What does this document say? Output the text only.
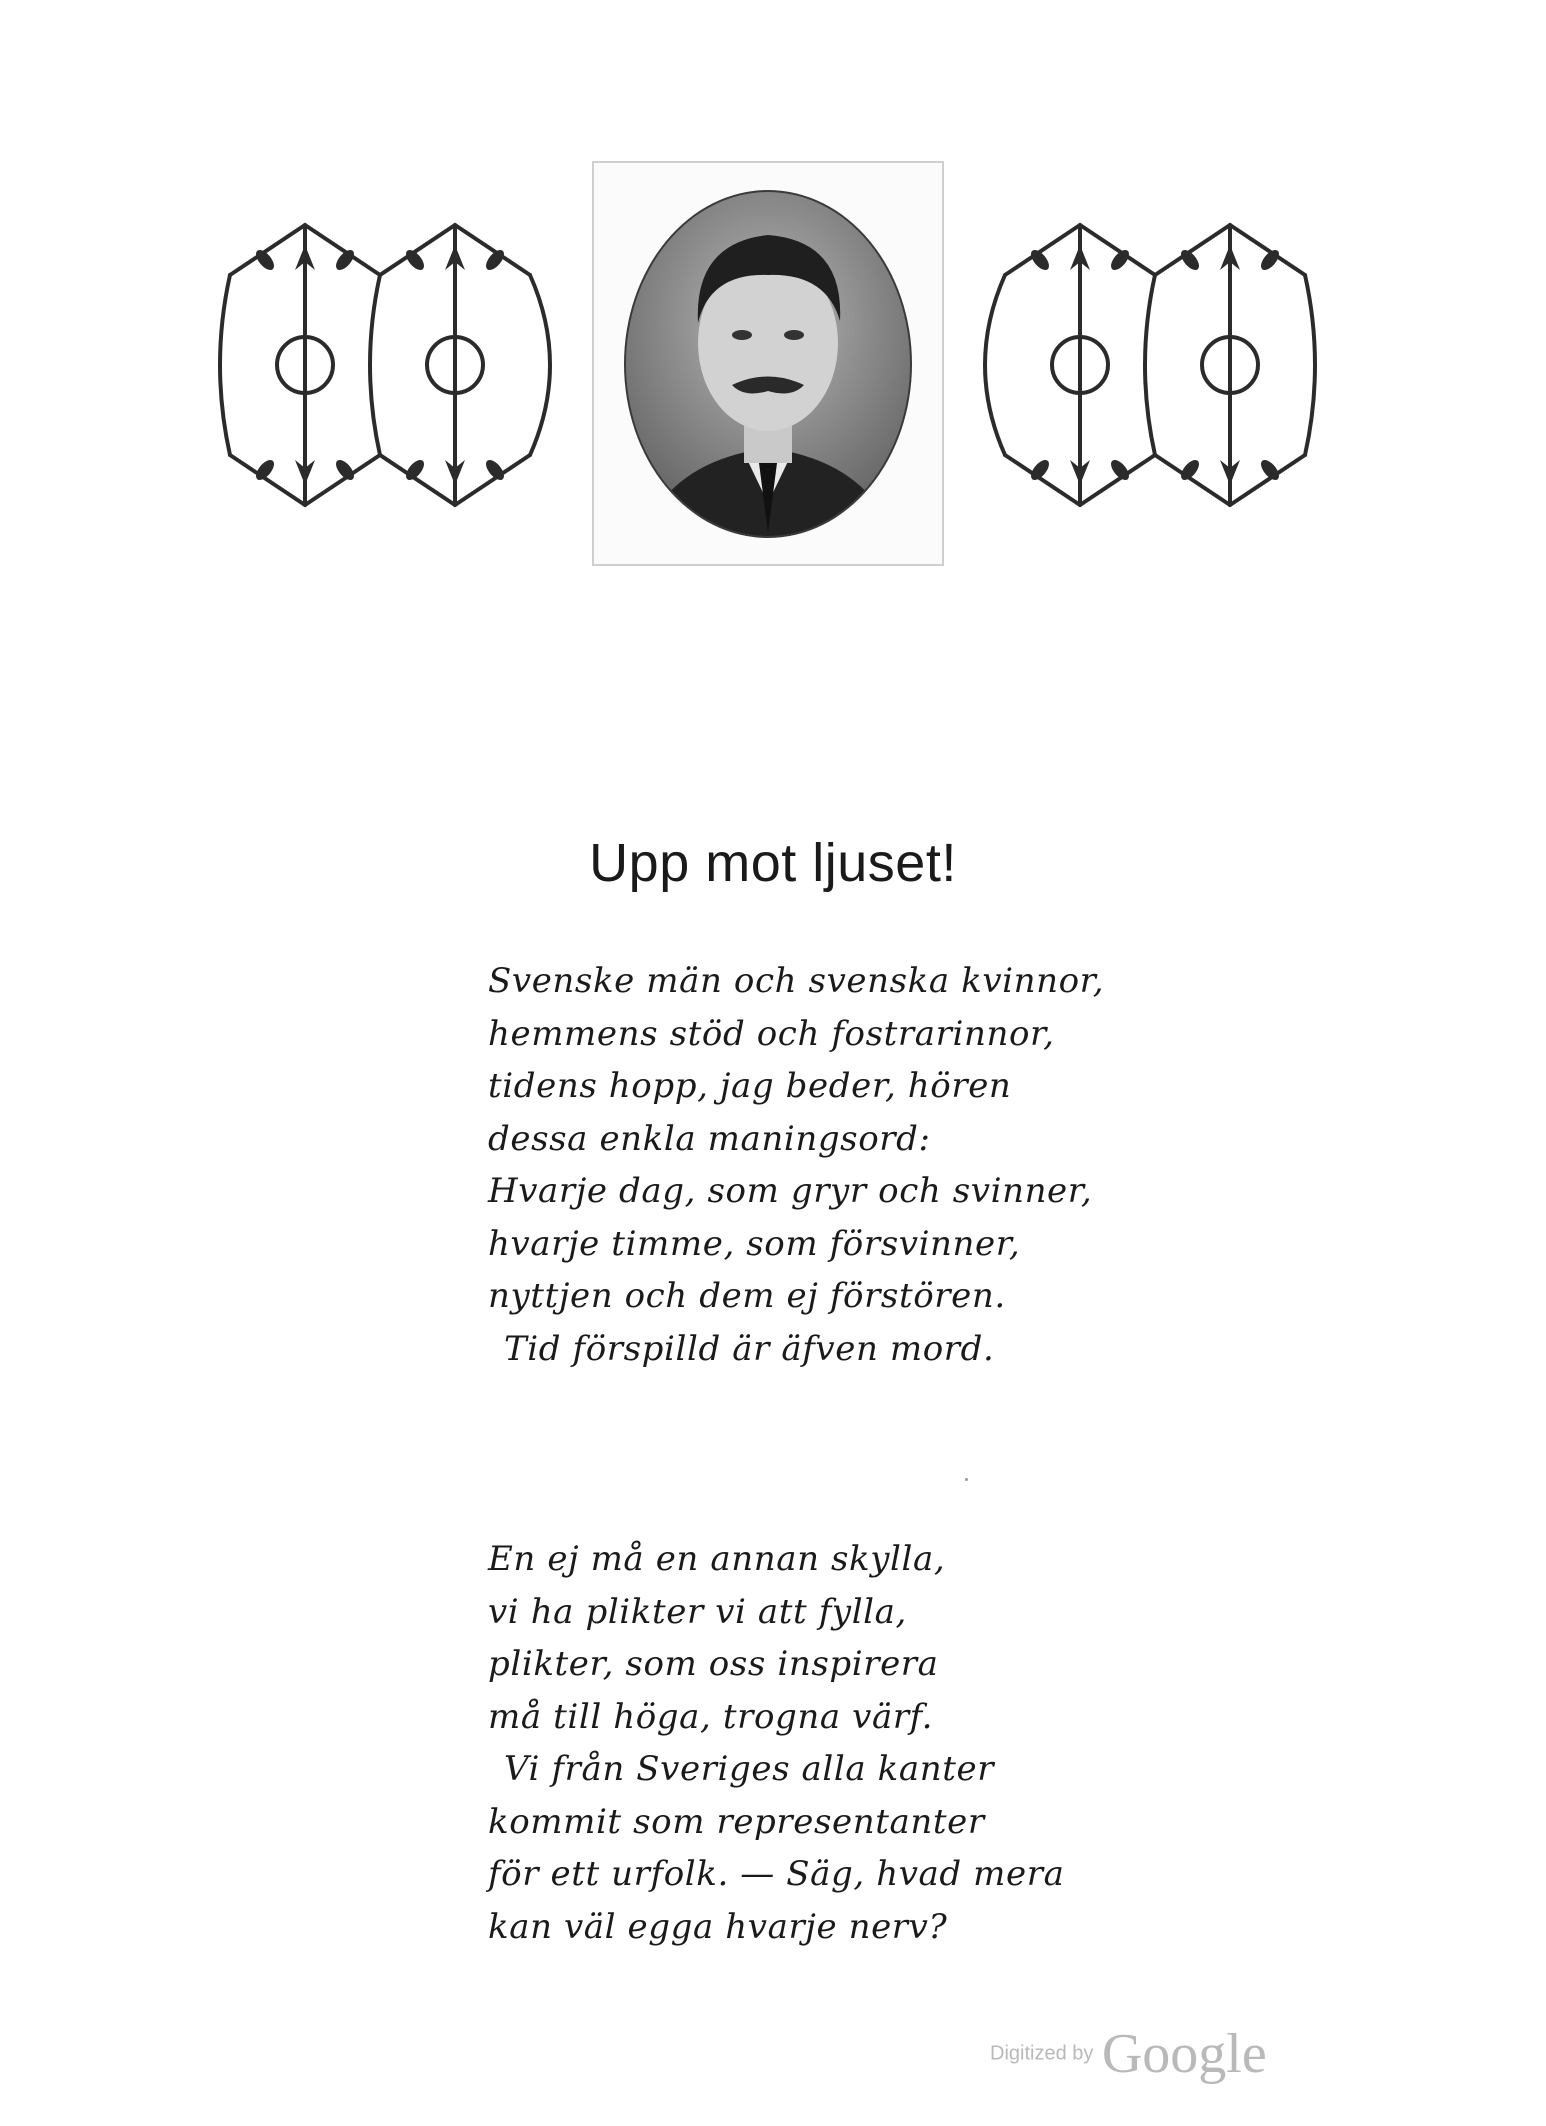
Upp mot ljuset!
Svenske män och svenska kvinnor,
hemmens stöd och fostrarinnor,
tidens hopp, jag beder, hören
dessa enkla maningsord:
Hvarje dag, som gryr och svinner,
hvarje timme, som försvinner,
nyttjen och dem ej förstören.
Tid förspilld är äfven mord.
En ej må en annan skylla,
vi ha plikter vi att fylla,
plikter, som oss inspirera
må till höga, trogna värf.
Vi från Sveriges alla kanter
kommit som representanter
för ett urfolk. — Säg, hvad mera
kan väl egga hvarje nerv?
Digitized by Google
